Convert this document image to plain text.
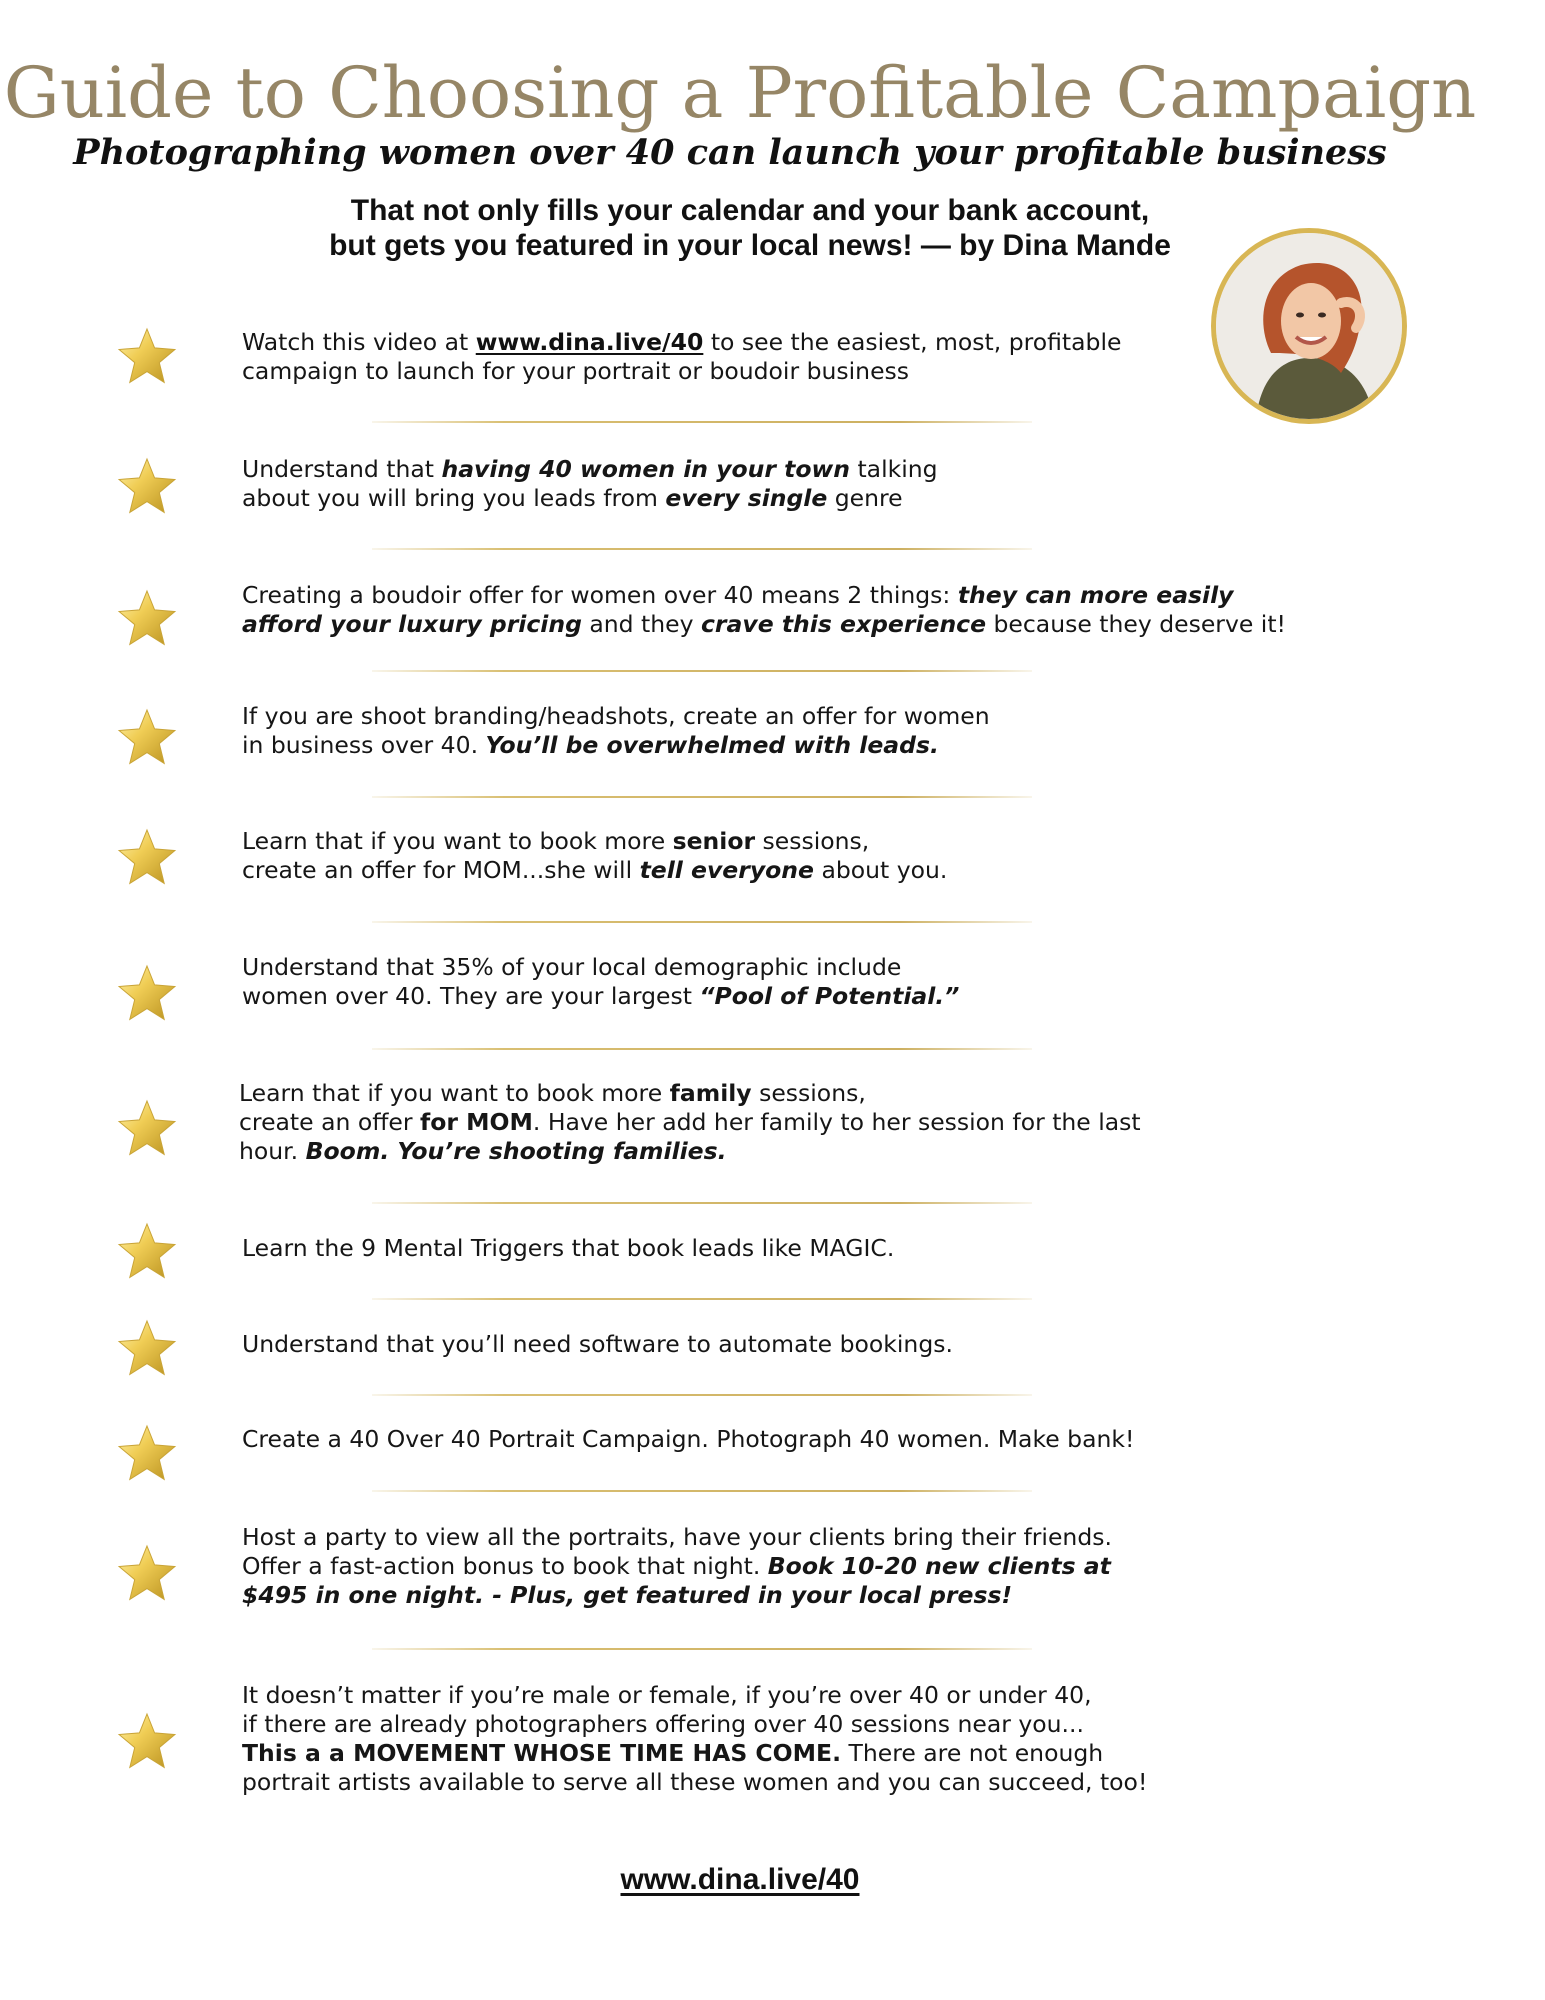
Guide to Choosing a Profitable Campaign
Photographing women over 40 can launch your profitable business
That not only fills your calendar and your bank account,
but gets you featured in your local news! — by Dina Mande

Watch this video at www.dina.live/40 to see the easiest, most, profitable

campaign to launch for your portrait or boudoir business

Understand that having 40 women in your town talking

about you will bring you leads from every single genre

Creating a boudoir offer for women over 40 means 2 things: they can more easily

afford your luxury pricing and they crave this experience because they deserve it!

If you are shoot branding/headshots, create an offer for women

in business over 40. You’ll be overwhelmed with leads.

Learn that if you want to book more senior sessions,

create an offer for MOM...she will tell everyone about you.

Understand that 35% of your local demographic include

women over 40. They are your largest “Pool of Potential.”

Learn that if you want to book more family sessions,

create an offer for MOM. Have her add her family to her session for the last

hour. Boom. You’re shooting families.

Learn the 9 Mental Triggers that book leads like MAGIC.

Understand that you’ll need software to automate bookings.

Create a 40 Over 40 Portrait Campaign. Photograph 40 women. Make bank!

Host a party to view all the portraits, have your clients bring their friends.

Offer a fast-action bonus to book that night. Book 10-20 new clients at

$495 in one night. - Plus, get featured in your local press!

It doesn’t matter if you’re male or female, if you’re over 40 or under 40,

if there are already photographers offering over 40 sessions near you...

This a a MOVEMENT WHOSE TIME HAS COME. There are not enough

portrait artists available to serve all these women and you can succeed, too!

www.dina.live/40
